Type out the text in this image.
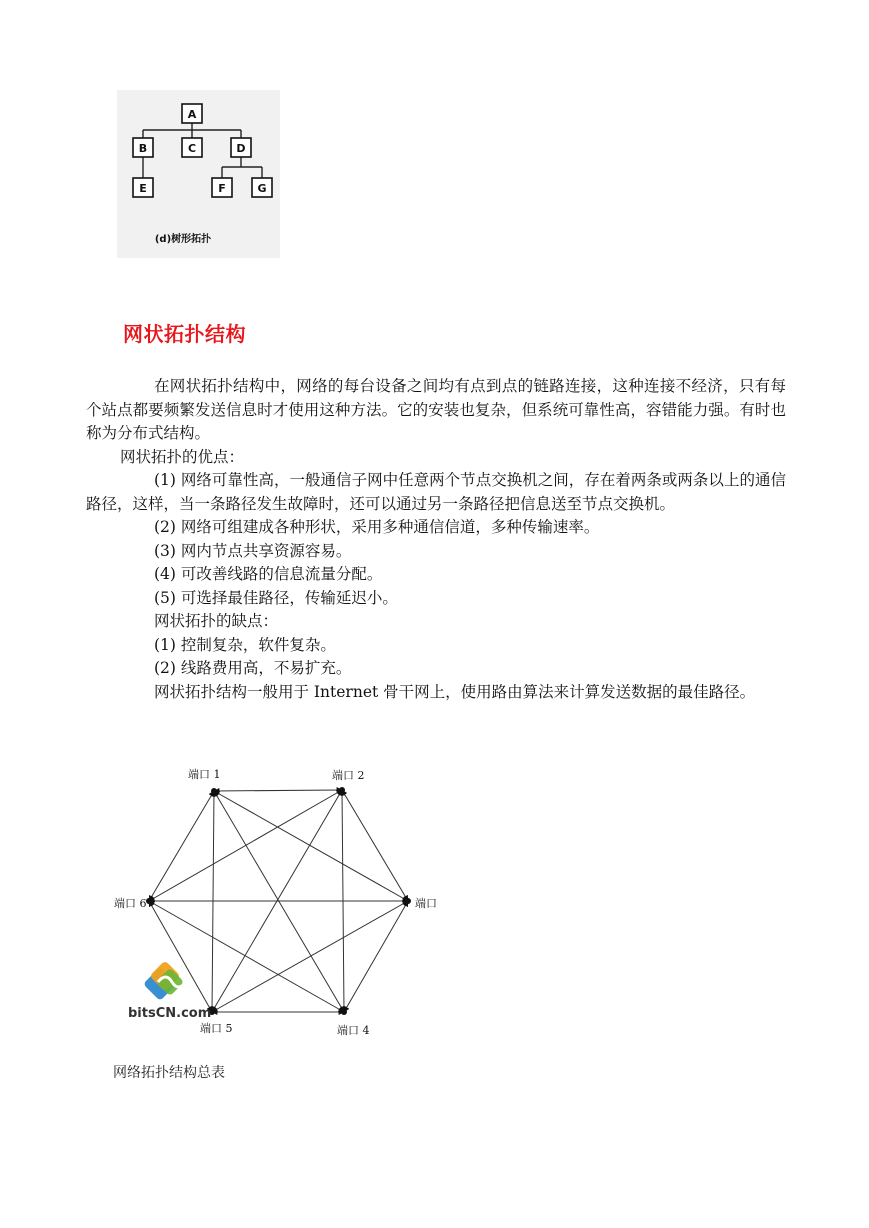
A
B	C	D
E	F	G
(d)树形拓扑
网状拓扑结构

在网状拓扑结构中，网络的每台设备之间均有点到点的链路连接，这种连接不经济，只有每个站点都要频繁发送信息时才使用这种方法。它的安装也复杂，但系统可靠性高，容错能力强。有时也称为分布式结构。

网状拓扑的优点：

(1) 网络可靠性高，一般通信子网中任意两个节点交换机之间，存在着两条或两条以上的通信路径，这样，当一条路径发生故障时，还可以通过另一条路径把信息送至节点交换机。

(2) 网络可组建成各种形状，采用多种通信信道，多种传输速率。

(3) 网内节点共享资源容易。

(4) 可改善线路的信息流量分配。

(5) 可选择最佳路径，传输延迟小。

网状拓扑的缺点：

(1) 控制复杂，软件复杂。

(2) 线路费用高，不易扩充。

网状拓扑结构一般用于 Internet 骨干网上，使用路由算法来计算发送数据的最佳路径。

端口 1	端口 2
端口
端口 4
端口 5
端口 6
bitsCN.com
网络拓扑结构总表
